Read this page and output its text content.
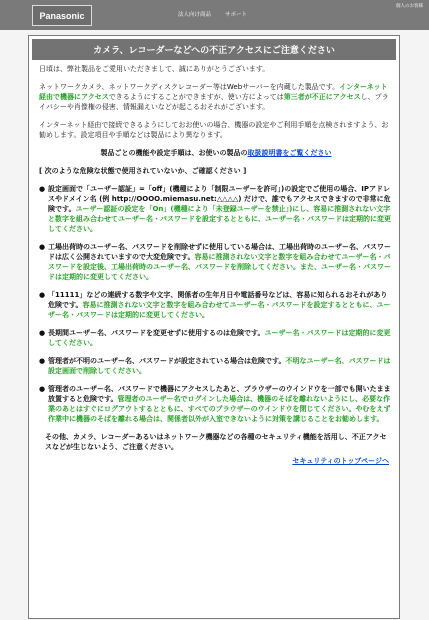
Panasonic	法人向け商品	サポート
個人のお客様
カメラ、レコーダーなどへの不正アクセスにご注意ください

日頃は、弊社製品をご愛用いただきまして、誠にありがとうございます。

ネットワークカメラ、ネットワークディスクレコーダー等はWebサーバーを内蔵した製品です。インターネット経由で機器にアクセスできるようにすることができますが、使い方によっては第三者が不正にアクセスし、プライバシーや肖像権の侵害、情報漏えいなどが起こるおそれがございます。

インターネット経由で接続できるようにしておお使いの場合、機器の設定やご利用手順を点検されますよう、お勧めします。設定項目や手順などは製品により異なります。

製品ごとの機能や設定手順は、お使いの製品の取扱説明書をご覧ください

[ 次のような危険な状態で使用されていないか、ご確認ください ]

● 設定画面で「ユーザー認証」=「off」(機種により「制限ユーザーを許可」)の設定でご使用の場合、IPアドレスやドメイン名 (例 http://OOOO.miemasu.net:△△△△) だけで、誰でもアクセスできますので非常に危険です。ユーザー認証の設定を「On」(機種により「未登録ユーザーを禁止」)にし、容易に推測されない文字と数字を組み合わせてユーザー名・パスワードを設定するとともに、ユーザー名・パスワードは定期的に変更してください。
● 工場出荷時のユーザー名、パスワードを削除せずに使用している場合は、工場出荷時のユーザー名、パスワードは広く公開されていますので大変危険です。容易に推測されない文字と数字を組み合わせてユーザー名・パスワードを設定後、工場出荷時のユーザー名、パスワードを削除してください。また、ユーザー名・パスワードは定期的に変更してください。
● 「11111」などの連続する数字や文字、関係者の生年月日や電話番号などは、容易に知られるおそれがあり危険です。容易に推測されない文字と数字を組み合わせてユーザー名・パスワードを設定するとともに、ユーザー名・パスワードは定期的に変更してください。
● 長期間ユーザー名、パスワードを変更せずに使用するのは危険です。ユーザー名・パスワードは定期的に変更してください。
● 管理者が不明のユーザー名、パスワードが設定されている場合は危険です。不明なユーザー名、パスワードは設定画面で削除してください。
● 管理者のユーザー名、パスワードで機器にアクセスしたあと、ブラウザーのウインドウを一部でも開いたまま放置すると危険です。管理者のユーザー名でログインした場合は、機器のそばを離れないようにし、必要な作業のあとはすぐにログアウトするとともに、すべてのブラウザーのウインドウを閉じてください。やむをえず作業中に機器のそばを離れる場合は、関係者以外が入室できないように対策を講じることをお勧めします。

その他、カメラ、レコーダーあるいはネットワーク機器などの各種のセキュリティ機能を活用し、不正アクセスなどが生じないよう、ご注意ください。

セキュリティのトップページへ
